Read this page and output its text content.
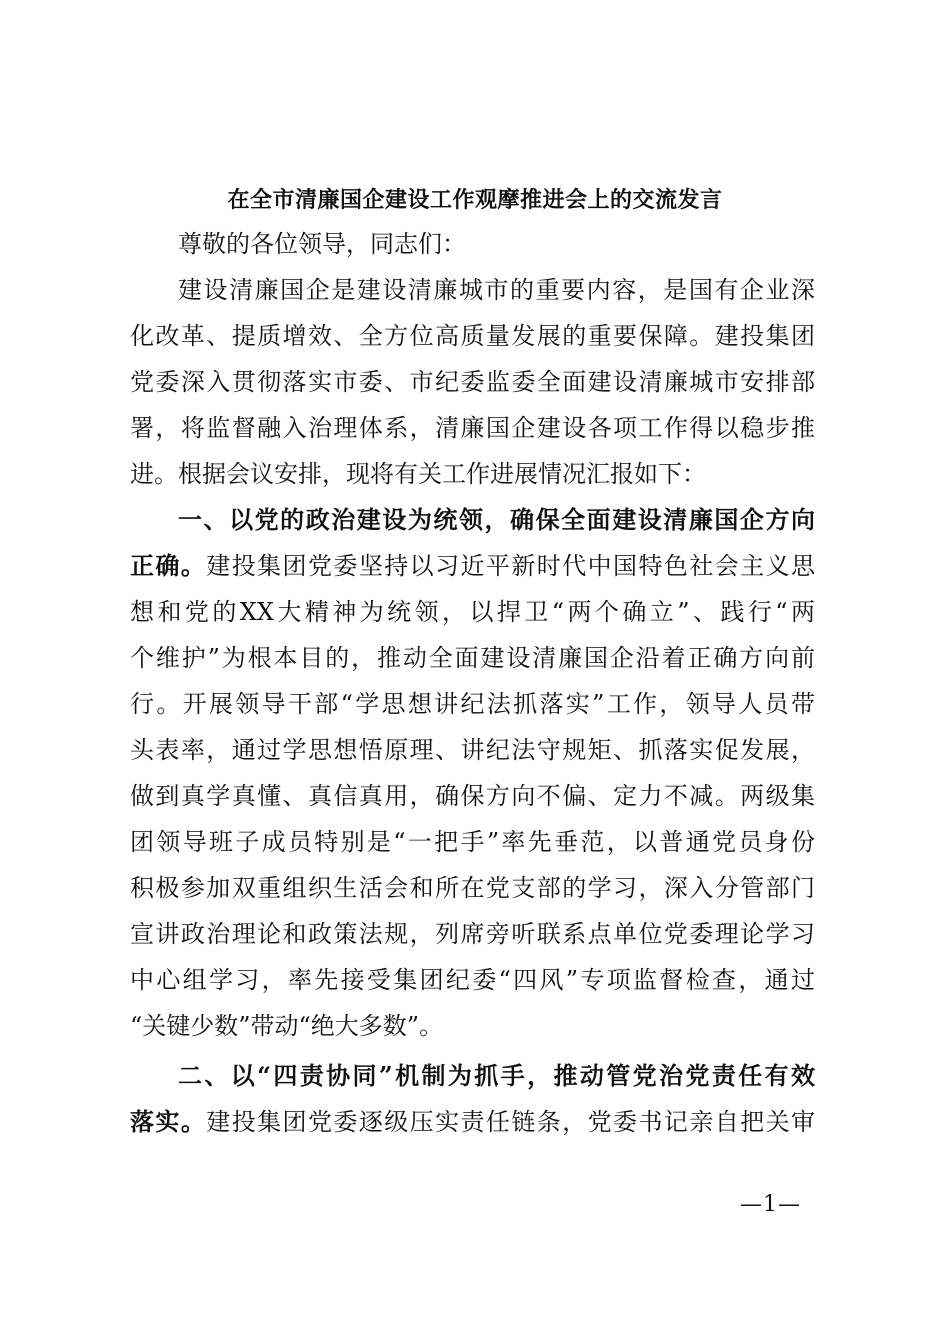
在全市清廉国企建设工作观摩推进会上的交流发言
尊敬的各位领导，同志们：
建设清廉国企是建设清廉城市的重要内容，是国有企业深
化改革、提质增效、全方位高质量发展的重要保障。建投集团
党委深入贯彻落实市委、市纪委监委全面建设清廉城市安排部
署，将监督融入治理体系，清廉国企建设各项工作得以稳步推
进。根据会议安排，现将有关工作进展情况汇报如下：
一、以党的政治建设为统领，确保全面建设清廉国企方向
正确。建投集团党委坚持以习近平新时代中国特色社会主义思
想和党的XX大精神为统领，以捍卫“两个确立”、践行“两
个维护”为根本目的，推动全面建设清廉国企沿着正确方向前
行。开展领导干部“学思想讲纪法抓落实”工作，领导人员带
头表率，通过学思想悟原理、讲纪法守规矩、抓落实促发展，
做到真学真懂、真信真用，确保方向不偏、定力不减。两级集
团领导班子成员特别是“一把手”率先垂范，以普通党员身份
积极参加双重组织生活会和所在党支部的学习，深入分管部门
宣讲政治理论和政策法规，列席旁听联系点单位党委理论学习
中心组学习，率先接受集团纪委“四风”专项监督检查，通过
“关键少数”带动“绝大多数”。
二、以“四责协同”机制为抓手，推动管党治党责任有效
落实。建投集团党委逐级压实责任链条，党委书记亲自把关审
—1—
